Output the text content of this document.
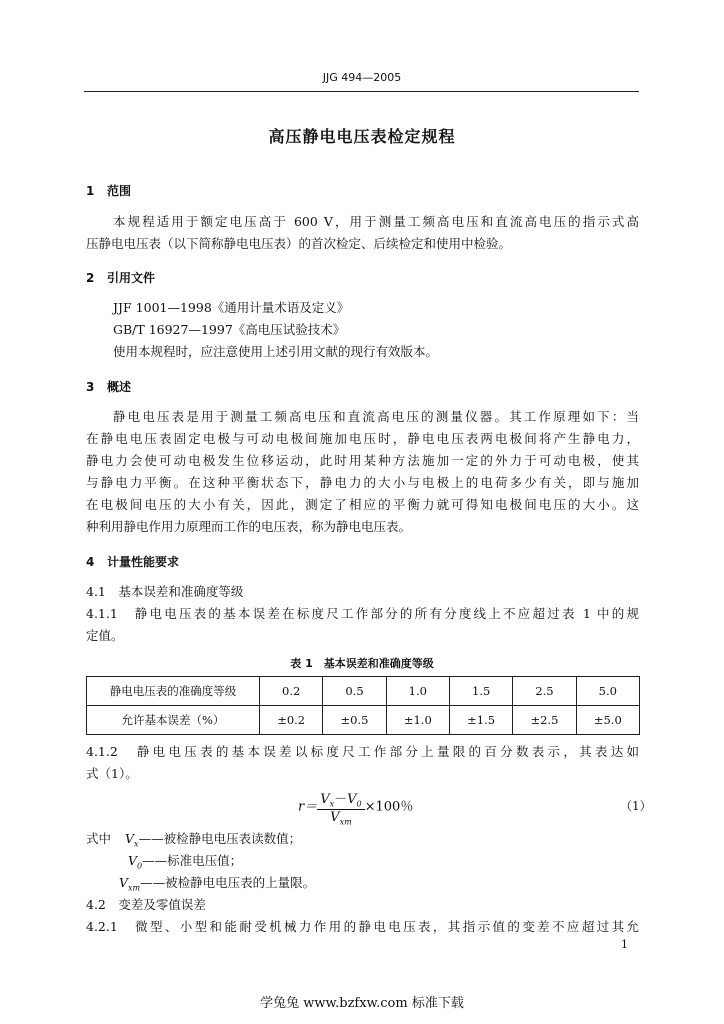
JJG 494—2005
高压静电电压表检定规程
1 范围
本规程适用于额定电压高于 600 V，用于测量工频高电压和直流高电压的指示式高
压静电电压表（以下简称静电电压表）的首次检定、后续检定和使用中检验。
2 引用文件
JJF 1001—1998《通用计量术语及定义》
GB/T 16927—1997《高电压试验技术》
使用本规程时，应注意使用上述引用文献的现行有效版本。
3 概述
静电电压表是用于测量工频高电压和直流高电压的测量仪器。其工作原理如下：当
在静电电压表固定电极与可动电极间施加电压时，静电电压表两电极间将产生静电力，
静电力会使可动电极发生位移运动，此时用某种方法施加一定的外力于可动电极，使其
与静电力平衡。在这种平衡状态下，静电力的大小与电极上的电荷多少有关，即与施加
在电极间电压的大小有关，因此，测定了相应的平衡力就可得知电极间电压的大小。这
种利用静电作用力原理而工作的电压表，称为静电电压表。
4 计量性能要求
4.1　基本误差和准确度等级
4.1.1　静电电压表的基本误差在标度尺工作部分的所有分度线上不应超过表 1 中的规
定值。
表 1　基本误差和准确度等级
静电电压表的准确度等级	0.2	0.5	1.0	1.5	2.5	5.0
允许基本误差（%）	±0.2	±0.5	±1.0	±1.5	±2.5	±5.0
4.1.2　静电电压表的基本误差以标度尺工作部分上量限的百分数表示，其表达如
式（1）。
$r= \frac{V_x-V_0}{V_{xm}} \times 100$％	（1）
式中 $V_x——$被检静电电压表读数值；
$V_0——$标准电压值；
$V_{xm}——$被检静电电压表的上量限。
4.2　变差及零值误差
4.2.1　微型、小型和能耐受机械力作用的静电电压表，其指示值的变差不应超过其允
1
学兔兔 www.bzfxw.com 标准下载
